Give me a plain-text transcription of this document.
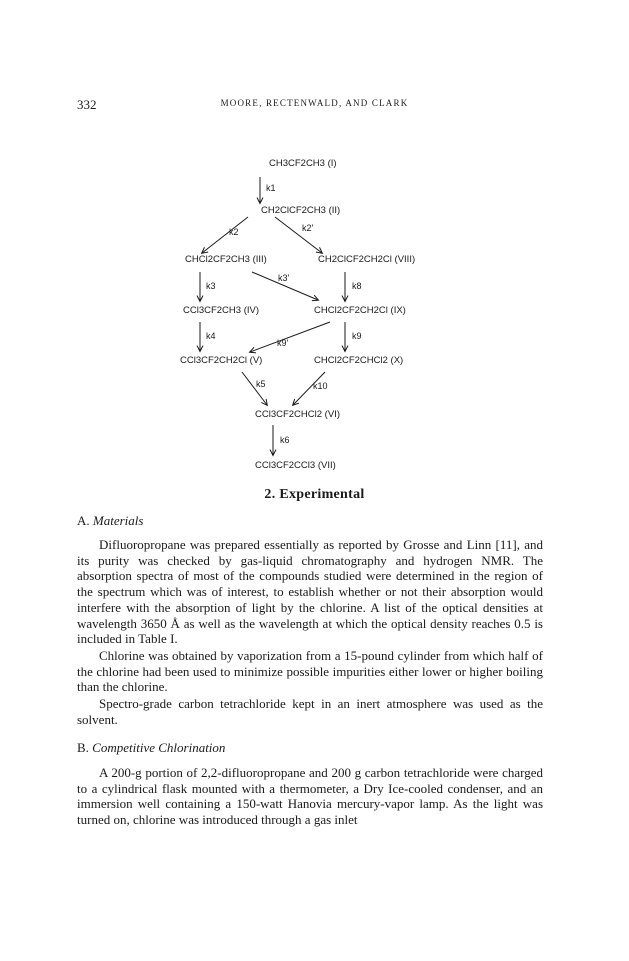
332	MOORE, RECTENWALD, AND CLARK
CH3CF2CH3 (I)
CH2ClCF2CH3 (II)
CHCl2CF2CH3 (III)	CH2ClCF2CH2Cl (VIII)
CCl3CF2CH3 (IV)	CHCl2CF2CH2Cl (IX)
CCl3CF2CH2Cl (V)	CHCl2CF2CHCl2 (X)
CCl3CF2CHCl2 (VI)
CCl3CF2CCl3 (VII)
k1
k2	k2'
k3
k3'
k8
k4
k9'
k9
k5	k10
k6
2. Experimental
A. Materials

Difluoropropane was prepared essentially as reported by Grosse and Linn [11], and its purity was checked by gas-liquid chromatography and hydrogen NMR. The absorption spectra of most of the compounds studied were determined in the region of the spectrum which was of interest, to establish whether or not their absorption would interfere with the absorption of light by the chlorine. A list of the optical densities at wavelength 3650 Å as well as the wavelength at which the optical density reaches 0.5 is included in Table I.

Chlorine was obtained by vaporization from a 15-pound cylinder from which half of the chlorine had been used to minimize possible impurities either lower or higher boiling than the chlorine.

Spectro-grade carbon tetrachloride kept in an inert atmosphere was used as the solvent.

B. Competitive Chlorination

A 200-g portion of 2,2-difluoropropane and 200 g carbon tetrachloride were charged to a cylindrical flask mounted with a thermometer, a Dry Ice-cooled condenser, and an immersion well containing a 150-watt Hanovia mercury-vapor lamp. As the light was turned on, chlorine was introduced through a gas inlet
